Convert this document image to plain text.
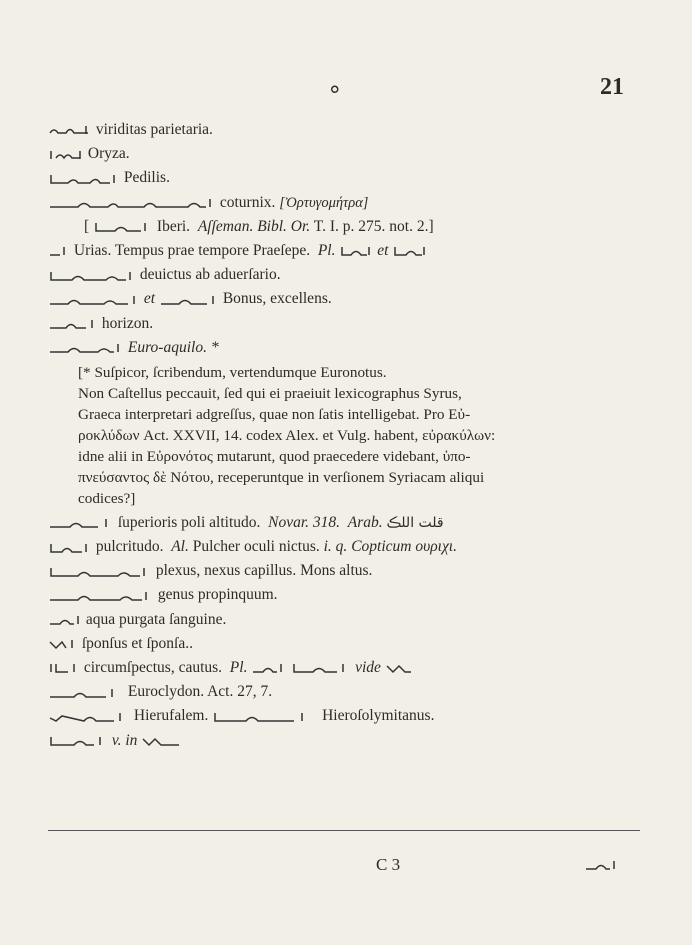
ܘ	21
viriditas parietaria.
Oryza.
Pedilis.
coturnix. [Ὀρτυγομήτρα]
[	Iberi. Aſſeman. Bibl. Or. T. I. p. 275. not. 2.]
Urias. Tempus prae tempore Praeſepe. Pl.	et
deuictus ab aduerſario.
et	Bonus, excellens.
horizon.
Euro-aquilo. *
[* Suſpicor, ſcribendum, vertendumque Euronotus.
Non Caſtellus peccauit, ſed qui ei praeiuit lexicographus Syrus,
Graeca interpretari adgreſſus, quae non ſatis intelligebat. Pro Εὐ-
ροκλύδων Act. XXVII, 14. codex Alex. et Vulg. habent, εὐρακύλων:
idne alii in Εὐρονότος mutarunt, quod praecedere videbant, ὑπο-
πνεύσαντος δὲ Νότου, receperuntque in verſionem Syriacam aliqui
codices?]
ſuperioris poli altitudo. Novar. 318. Arab. قلت اللڪ
pulcritudo. Al. Pulcher oculi nictus. i. q. Copticum ουριχι.
plexus, nexus capillus. Mons altus.
genus propinquum.
aqua purgata ſanguine.
ſponſus et ſponſa..
circumſpectus, cautus. Pl.
	vide
Euroclydon. Act. 27, 7.
Hierufalem.	Hieroſolymitanus.
v. in
C 3
